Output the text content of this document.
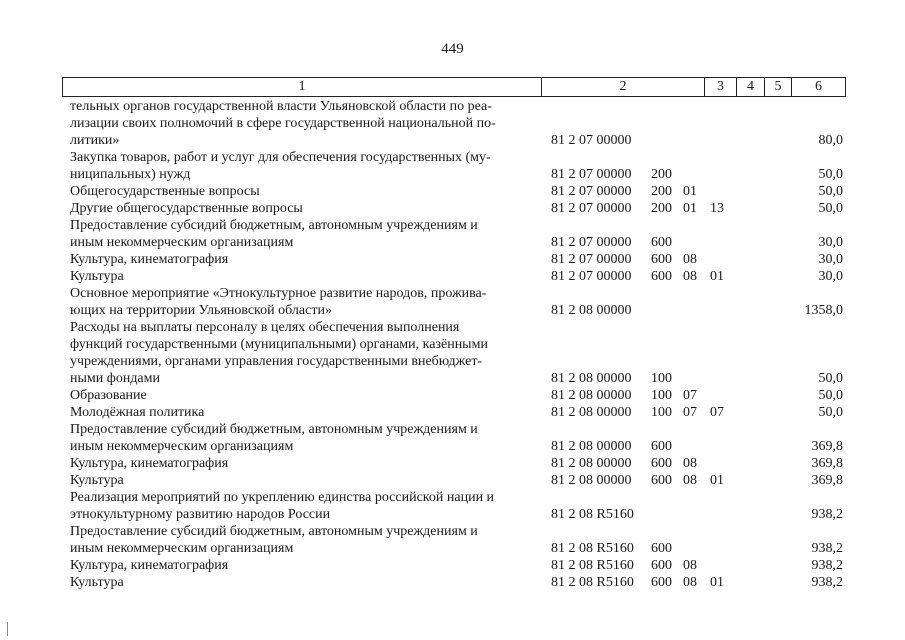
449
1	2	3	4	5	6
тельных органов государственной власти Ульяновской области по реа-
лизации своих полномочий в сфере государственной национальной по-
литики»	81 2 07 00000	80,0
Закупка товаров, работ и услуг для обеспечения государственных (му-
ниципальных) нужд	81 2 07 00000 200	50,0
Общегосударственные вопросы	81 2 07 00000 200 01	50,0
Другие общегосударственные вопросы	81 2 07 00000 200 01 13	50,0
Предоставление субсидий бюджетным, автономным учреждениям и
иным некоммерческим организациям	81 2 07 00000 600	30,0
Культура, кинематография	81 2 07 00000 600 08	30,0
Культура	81 2 07 00000 600 08 01	30,0
Основное мероприятие «Этнокультурное развитие народов, прожива-
ющих на территории Ульяновской области»	81 2 08 00000	1358,0
Расходы на выплаты персоналу в целях обеспечения выполнения
функций государственными (муниципальными) органами, казёнными
учреждениями, органами управления государственными внебюджет-
ными фондами	81 2 08 00000 100	50,0
Образование	81 2 08 00000 100 07	50,0
Молодёжная политика	81 2 08 00000 100 07 07	50,0
Предоставление субсидий бюджетным, автономным учреждениям и
иным некоммерческим организациям	81 2 08 00000 600	369,8
Культура, кинематография	81 2 08 00000 600 08	369,8
Культура	81 2 08 00000 600 08 01	369,8
Реализация мероприятий по укреплению единства российской нации и
этнокультурному развитию народов России	81 2 08 R5160	938,2
Предоставление субсидий бюджетным, автономным учреждениям и
иным некоммерческим организациям	81 2 08 R5160 600	938,2
Культура, кинематография	81 2 08 R5160 600 08	938,2
Культура	81 2 08 R5160 600 08 01	938,2
